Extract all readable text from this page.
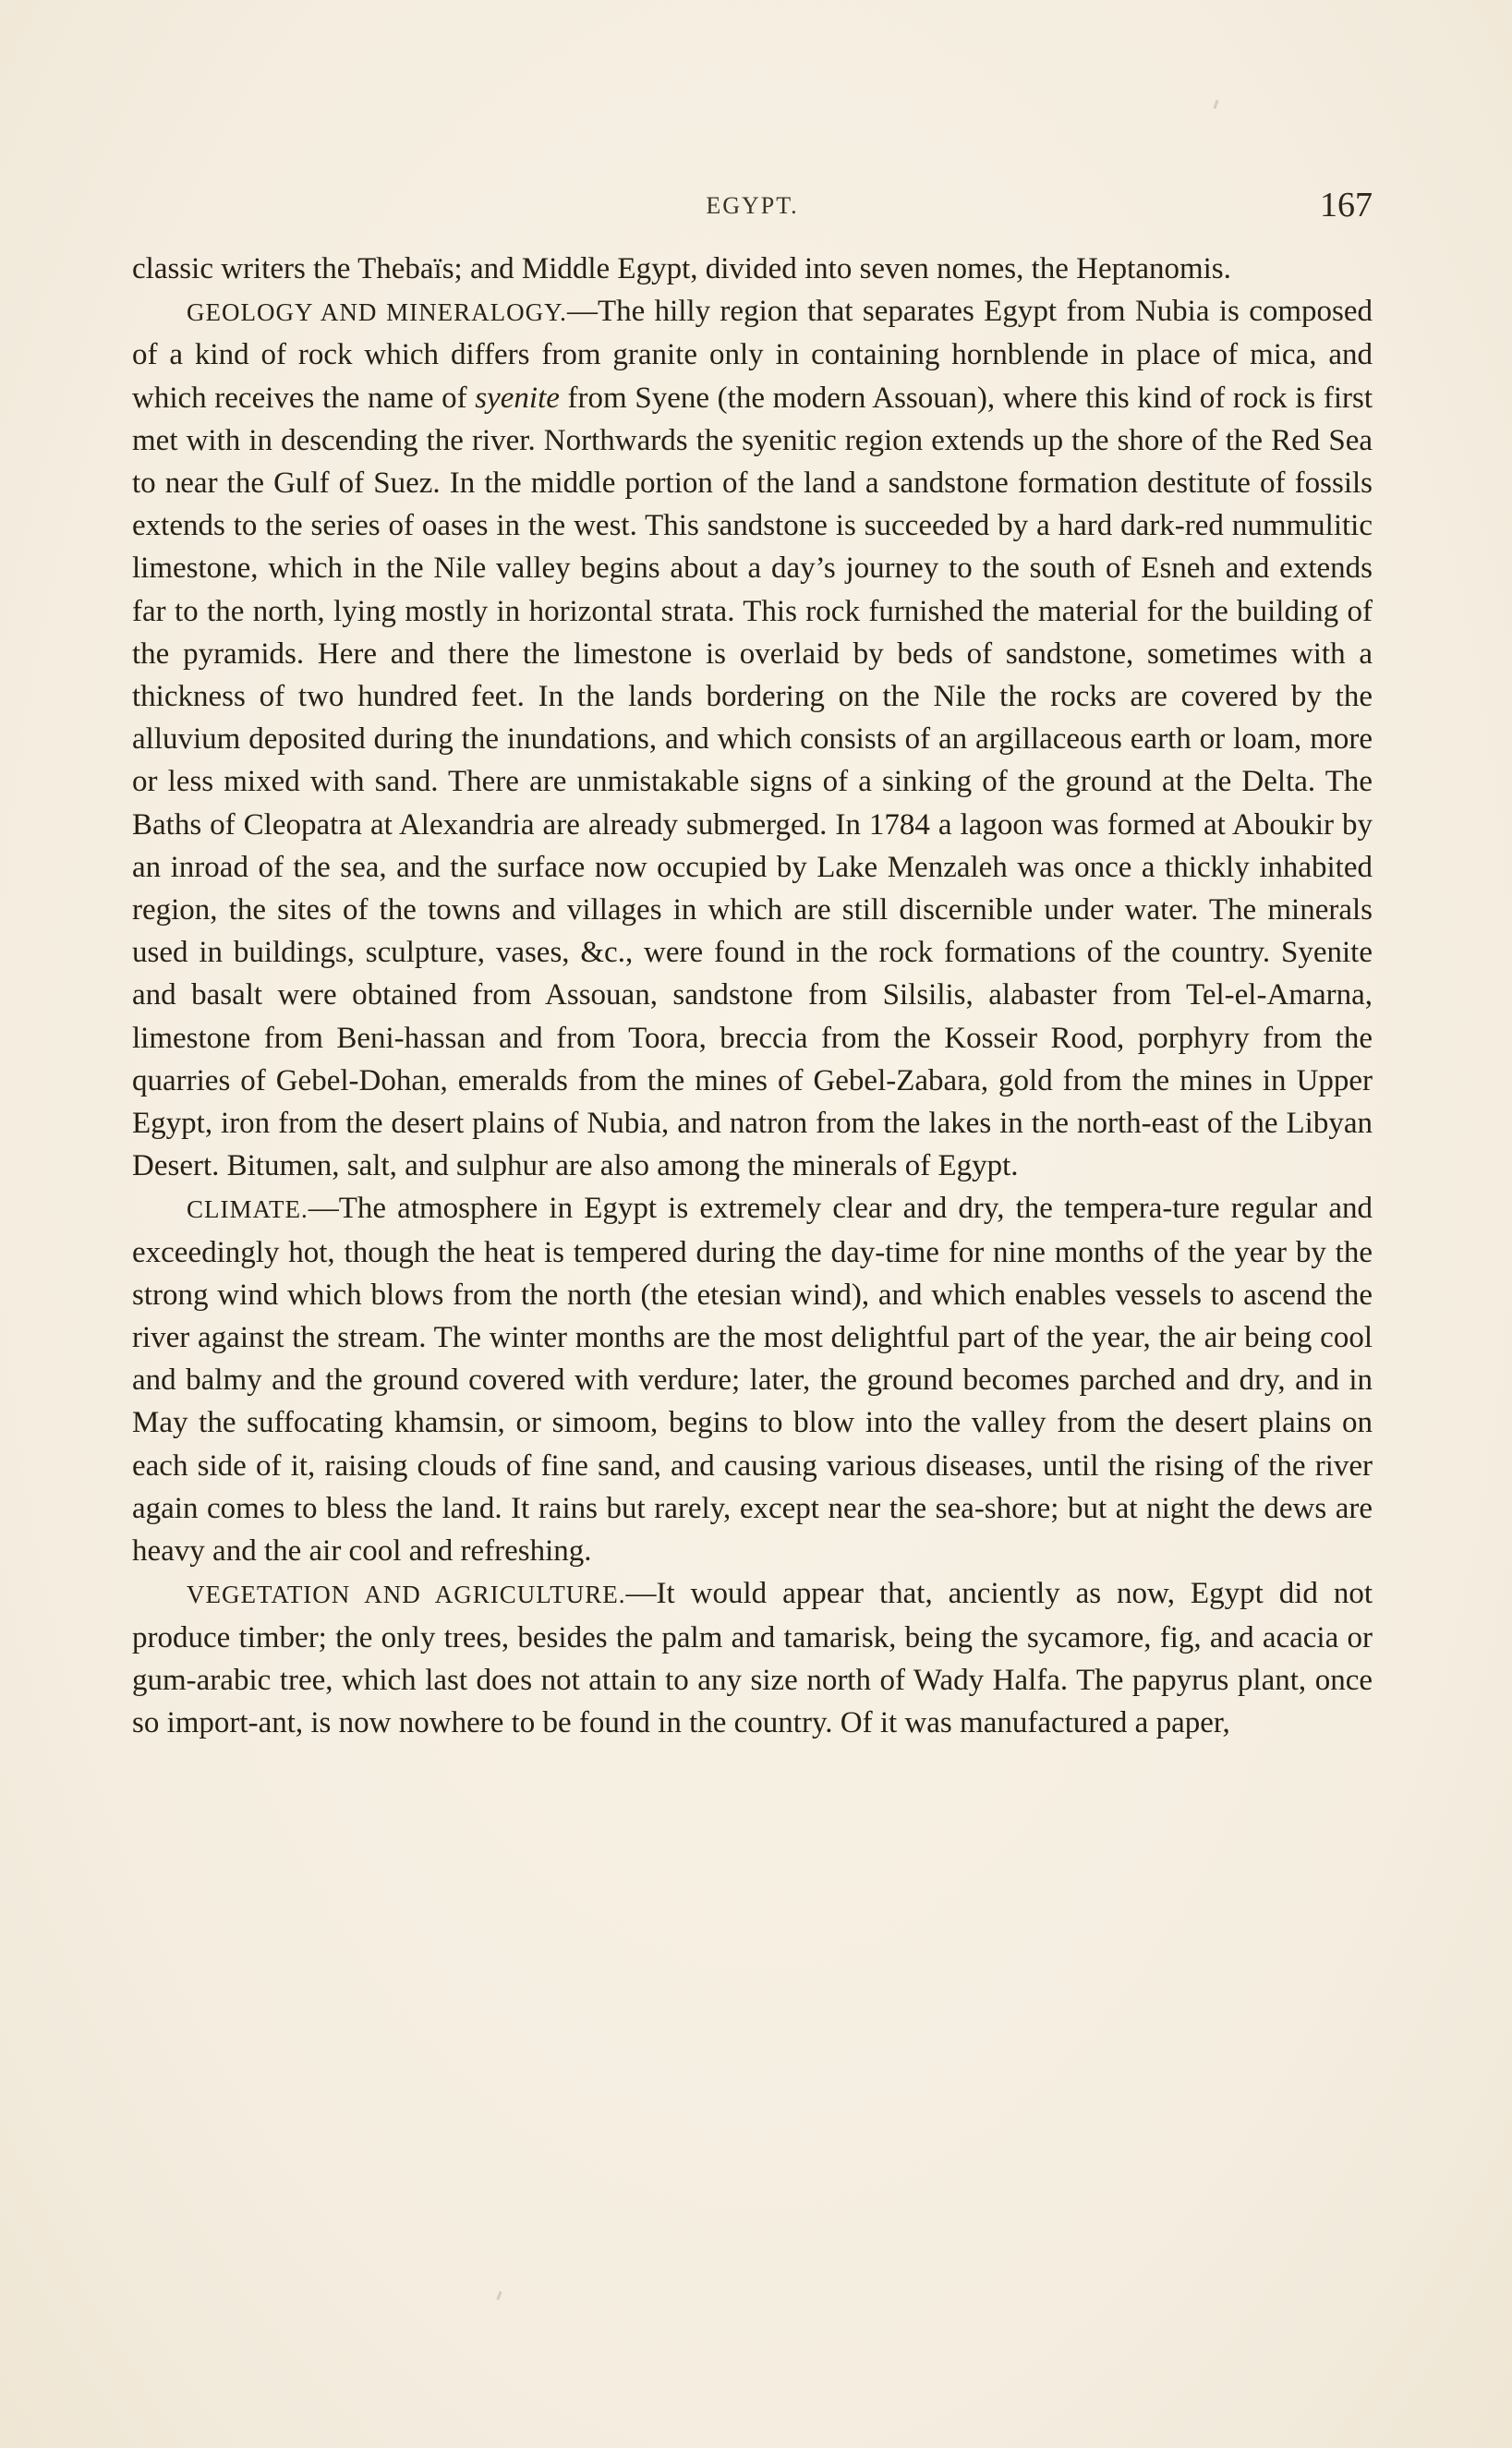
EGYPT.	167

classic writers the Thebaïs; and Middle Egypt, divided into seven nomes, the Heptanomis.

GEOLOGY AND MINERALOGY.—The hilly region that separates Egypt from Nubia is composed of a kind of rock which differs from granite only in containing hornblende in place of mica, and which receives the name of syenite from Syene (the modern Assouan), where this kind of rock is first met with in descending the river. Northwards the syenitic region extends up the shore of the Red Sea to near the Gulf of Suez. In the middle portion of the land a sandstone formation destitute of fossils extends to the series of oases in the west. This sandstone is succeeded by a hard dark-red nummulitic limestone, which in the Nile valley begins about a day’s journey to the south of Esneh and extends far to the north, lying mostly in horizontal strata. This rock furnished the material for the building of the pyramids. Here and there the limestone is overlaid by beds of sandstone, sometimes with a thickness of two hundred feet. In the lands bordering on the Nile the rocks are covered by the alluvium deposited during the inundations, and which consists of an argillaceous earth or loam, more or less mixed with sand. There are unmistakable signs of a sinking of the ground at the Delta. The Baths of Cleopatra at Alexandria are already submerged. In 1784 a lagoon was formed at Aboukir by an inroad of the sea, and the surface now occupied by Lake Menzaleh was once a thickly inhabited region, the sites of the towns and villages in which are still discernible under water. The minerals used in buildings, sculpture, vases, &c., were found in the rock formations of the country. Syenite and basalt were obtained from Assouan, sandstone from Silsilis, alabaster from Tel-el-Amarna, limestone from Beni-hassan and from Toora, breccia from the Kosseir Rood, porphyry from the quarries of Gebel-Dohan, emeralds from the mines of Gebel-Zabara, gold from the mines in Upper Egypt, iron from the desert plains of Nubia, and natron from the lakes in the north-east of the Libyan Desert. Bitumen, salt, and sulphur are also among the minerals of Egypt.

CLIMATE.—The atmosphere in Egypt is extremely clear and dry, the tempera-ture regular and exceedingly hot, though the heat is tempered during the day-time for nine months of the year by the strong wind which blows from the north (the etesian wind), and which enables vessels to ascend the river against the stream. The winter months are the most delightful part of the year, the air being cool and balmy and the ground covered with verdure; later, the ground becomes parched and dry, and in May the suffocating khamsin, or simoom, begins to blow into the valley from the desert plains on each side of it, raising clouds of fine sand, and causing various diseases, until the rising of the river again comes to bless the land. It rains but rarely, except near the sea-shore; but at night the dews are heavy and the air cool and refreshing.

VEGETATION AND AGRICULTURE.—It would appear that, anciently as now, Egypt did not produce timber; the only trees, besides the palm and tamarisk, being the sycamore, fig, and acacia or gum-arabic tree, which last does not attain to any size north of Wady Halfa. The papyrus plant, once so import-ant, is now nowhere to be found in the country. Of it was manufactured a paper,
